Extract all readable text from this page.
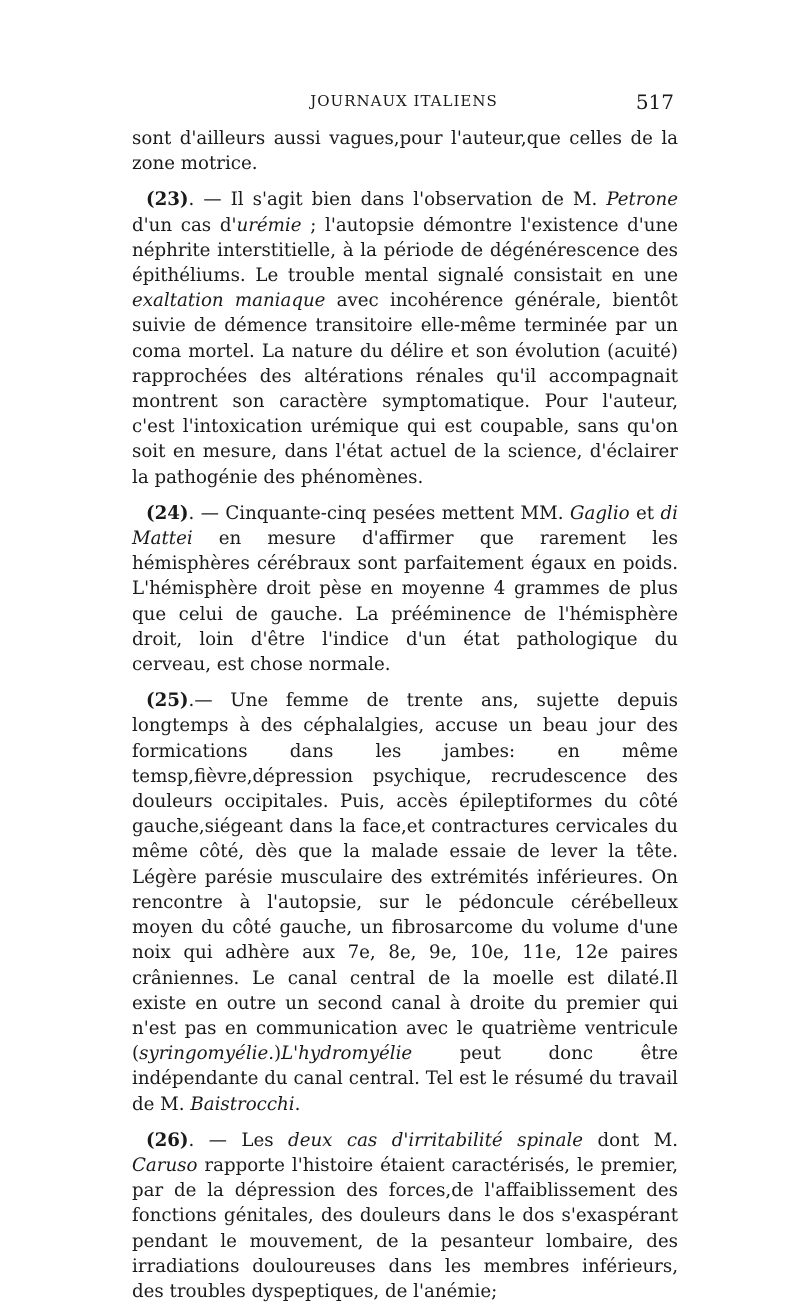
JOURNAUX ITALIENS	517

sont d'ailleurs aussi vagues,pour l'auteur,que celles de la zone motrice.

(23). — Il s'agit bien dans l'observation de M. Petrone d'un cas d'urémie ; l'autopsie démontre l'existence d'une néphrite interstitielle, à la période de dégénérescence des épithéliums. Le trouble mental signalé consistait en une exaltation maniaque avec incohérence générale, bientôt suivie de démence transitoire elle-même terminée par un coma mortel. La nature du délire et son évolution (acuité) rapprochées des altérations rénales qu'il accompagnait montrent son caractère symptomatique. Pour l'auteur, c'est l'intoxication urémique qui est coupable, sans qu'on soit en mesure, dans l'état actuel de la science, d'éclairer la pathogénie des phénomènes.

(24). — Cinquante-cinq pesées mettent MM. Gaglio et di Mattei en mesure d'affirmer que rarement les hémisphères cérébraux sont parfaitement égaux en poids. L'hémisphère droit pèse en moyenne 4 grammes de plus que celui de gauche. La prééminence de l'hémisphère droit, loin d'être l'indice d'un état pathologique du cerveau, est chose normale.

(25).— Une femme de trente ans, sujette depuis longtemps à des céphalalgies, accuse un beau jour des formications dans les jambes: en même temsp,fièvre,dépression psychique, recrudescence des douleurs occipitales. Puis, accès épileptiformes du côté gauche,siégeant dans la face,et contractures cervicales du même côté, dès que la malade essaie de lever la tête. Légère parésie musculaire des extrémités inférieures. On rencontre à l'autopsie, sur le pédoncule cérébelleux moyen du côté gauche, un fibrosarcome du volume d'une noix qui adhère aux 7e, 8e, 9e, 10e, 11e, 12e paires crâniennes. Le canal central de la moelle est dilaté.Il existe en outre un second canal à droite du premier qui n'est pas en communication avec le quatrième ventricule (syringomyélie.)L'hydromyélie peut donc être indépendante du canal central. Tel est le résumé du travail de M. Baistrocchi.

(26). — Les deux cas d'irritabilité spinale dont M. Caruso rapporte l'histoire étaient caractérisés, le premier, par de la dépression des forces,de l'affaiblissement des fonctions génitales, des douleurs dans le dos s'exaspérant pendant le mouvement, de la pesanteur lombaire, des irradiations douloureuses dans les membres inférieurs, des troubles dyspeptiques, de l'anémie;
